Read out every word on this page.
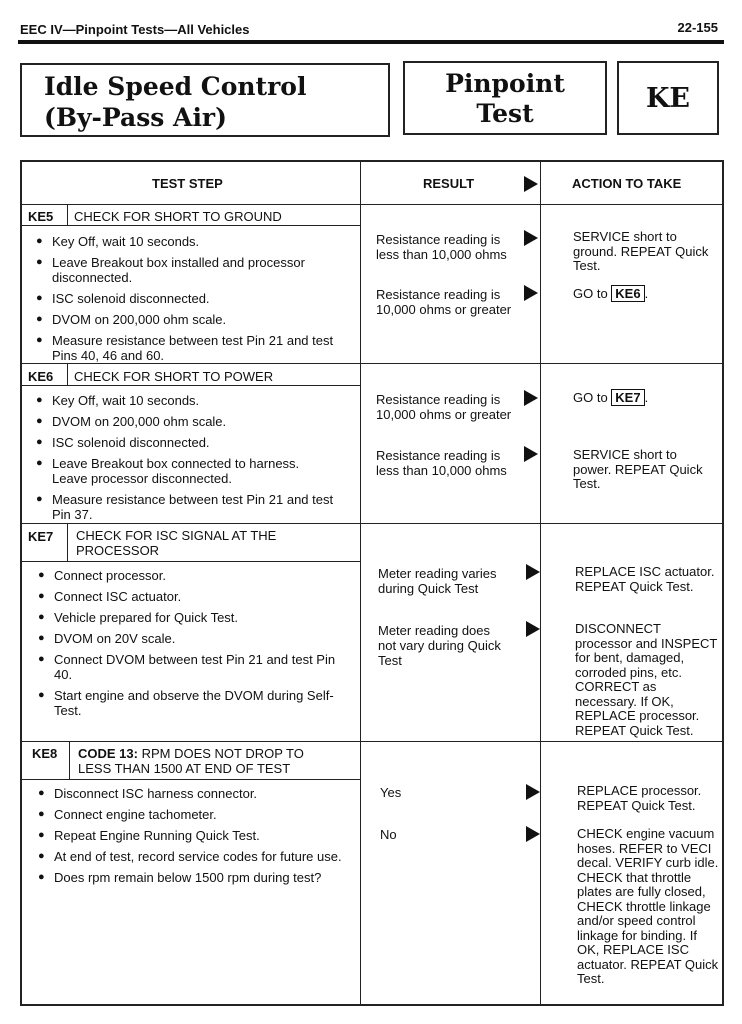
EEC IV—Pinpoint Tests—All Vehicles	22-155
Idle Speed Control
(By-Pass Air)
Pinpoint
Test	KE
TEST STEP	RESULT	ACTION TO TAKE
KE5 CHECK FOR SHORT TO GROUND
● Key Off, wait 10 seconds.
● Leave Breakout box installed and processor disconnected.
● ISC solenoid disconnected.
● DVOM on 200,000 ohm scale.
● Measure resistance between test Pin 21 and test Pins 40, 46 and 60.
Resistance reading is less than 10,000 ohms
SERVICE short to ground. REPEAT Quick Test.
Resistance reading is 10,000 ohms or greater
GO to KE6 .
KE6 CHECK FOR SHORT TO POWER
● Key Off, wait 10 seconds.
● DVOM on 200,000 ohm scale.
● ISC solenoid disconnected.
● Leave Breakout box connected to harness. Leave processor disconnected.
● Measure resistance between test Pin 21 and test Pin 37.
Resistance reading is 10,000 ohms or greater
GO to KE7 .
Resistance reading is less than 10,000 ohms
SERVICE short to power. REPEAT Quick Test.
KE7 CHECK FOR ISC SIGNAL AT THE PROCESSOR
● Connect processor.
● Connect ISC actuator.
● Vehicle prepared for Quick Test.
● DVOM on 20V scale.
● Connect DVOM between test Pin 21 and test Pin 40.
● Start engine and observe the DVOM during Self-Test.
Meter reading varies during Quick Test
REPLACE ISC actuator. REPEAT Quick Test.
Meter reading does not vary during Quick Test
DISCONNECT processor and INSPECT for bent, damaged, corroded pins, etc. CORRECT as necessary. If OK, REPLACE processor. REPEAT Quick Test.
KE8 CODE 13: RPM DOES NOT DROP TO LESS THAN 1500 AT END OF TEST
● Disconnect ISC harness connector.
● Connect engine tachometer.
● Repeat Engine Running Quick Test.
● At end of test, record service codes for future use.
● Does rpm remain below 1500 rpm during test?
Yes	REPLACE processor. REPEAT Quick Test.
No	CHECK engine vacuum hoses. REFER to VECI decal. VERIFY curb idle. CHECK that throttle plates are fully closed, CHECK throttle linkage and/or speed control linkage for binding. If OK, REPLACE ISC actuator. REPEAT Quick Test.
